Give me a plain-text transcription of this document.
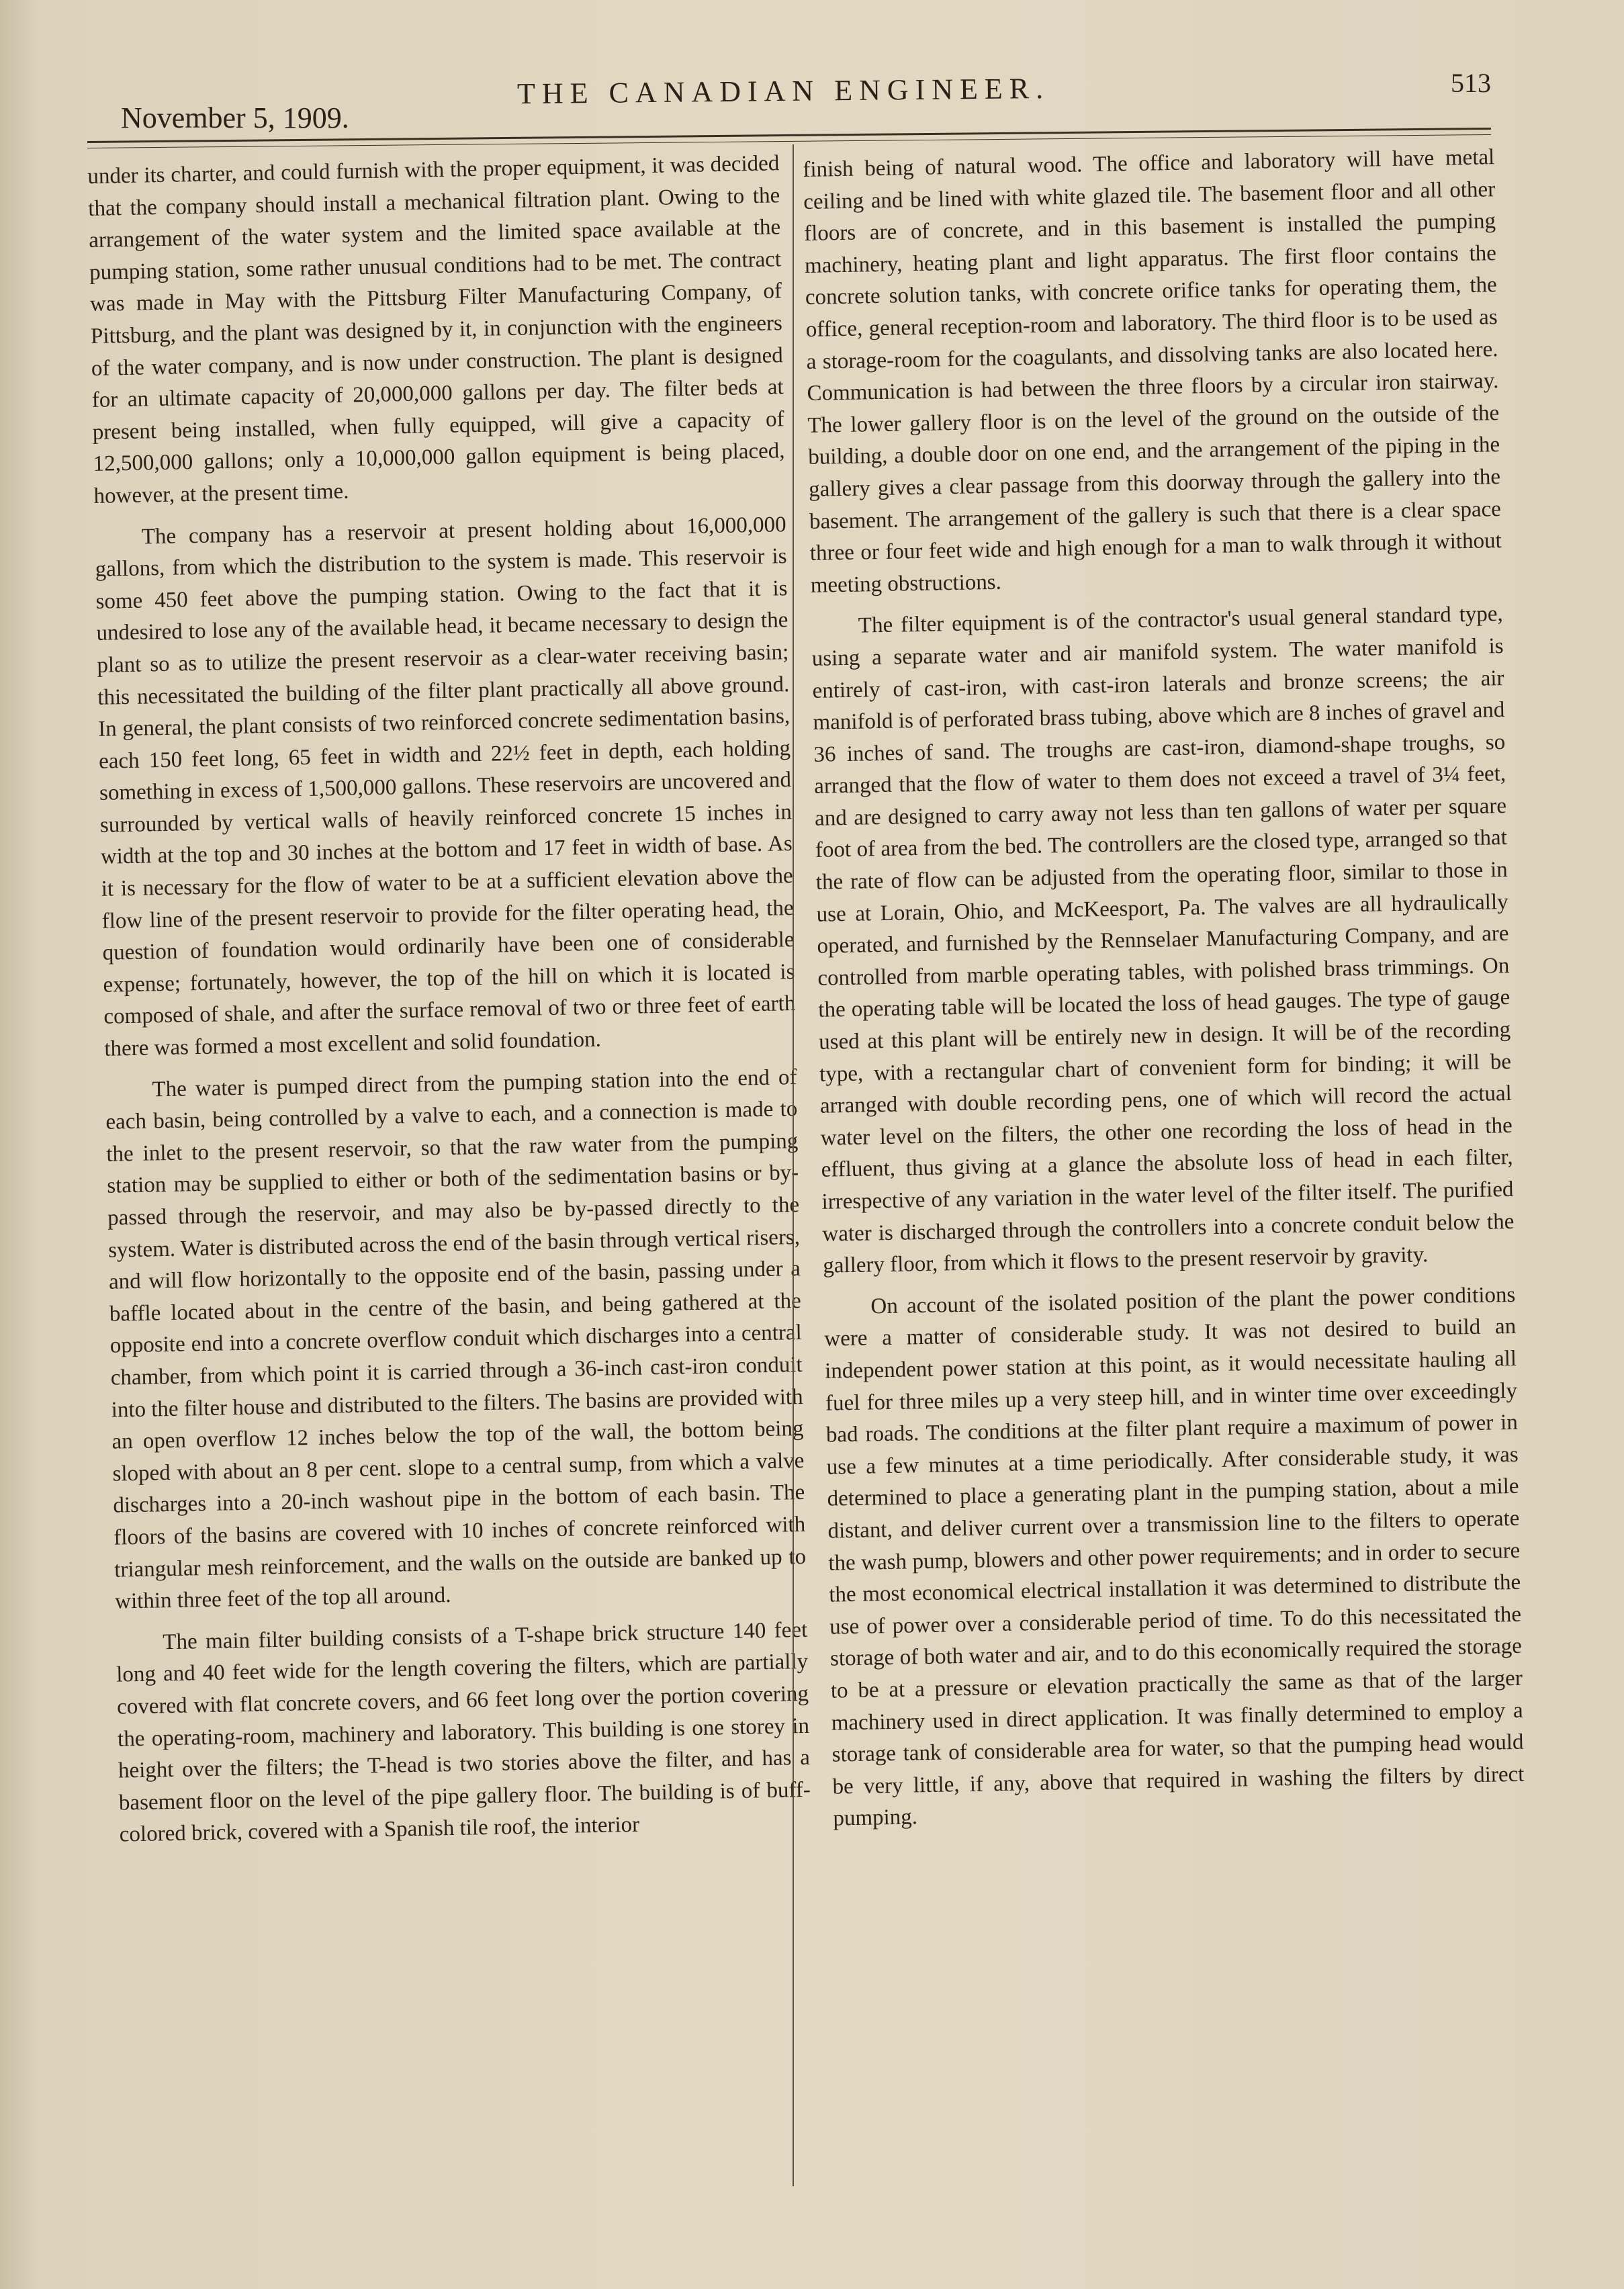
November 5, 1909.
THE CANADIAN ENGINEER.	513

under its charter, and could furnish with the proper equipment, it was decided that the company should install a mechanical filtration plant. Owing to the arrangement of the water system and the limited space available at the pumping station, some rather unusual conditions had to be met. The contract was made in May with the Pittsburg Filter Manufacturing Company, of Pittsburg, and the plant was designed by it, in conjunction with the engineers of the water company, and is now under construction. The plant is designed for an ultimate capacity of 20,000,000 gallons per day. The filter beds at present being installed, when fully equipped, will give a capacity of 12,500,000 gallons; only a 10,000,000 gallon equipment is being placed, however, at the present time.

The company has a reservoir at present holding about 16,000,000 gallons, from which the distribution to the system is made. This reservoir is some 450 feet above the pumping station. Owing to the fact that it is undesired to lose any of the available head, it became necessary to design the plant so as to utilize the present reservoir as a clear-water receiving basin; this necessitated the building of the filter plant practically all above ground. In general, the plant consists of two reinforced concrete sedimentation basins, each 150 feet long, 65 feet in width and 22½ feet in depth, each holding something in excess of 1,500,000 gallons. These reservoirs are uncovered and surrounded by vertical walls of heavily reinforced concrete 15 inches in width at the top and 30 inches at the bottom and 17 feet in width of base. As it is necessary for the flow of water to be at a sufficient elevation above the flow line of the present reservoir to provide for the filter operating head, the question of foundation would ordinarily have been one of considerable expense; fortunately, however, the top of the hill on which it is located is composed of shale, and after the surface removal of two or three feet of earth there was formed a most excellent and solid foundation.

The water is pumped direct from the pumping station into the end of each basin, being controlled by a valve to each, and a connection is made to the inlet to the present reservoir, so that the raw water from the pumping station may be supplied to either or both of the sedimentation basins or by-passed through the reservoir, and may also be by-passed directly to the system. Water is distributed across the end of the basin through vertical risers, and will flow horizontally to the opposite end of the basin, passing under a baffle located about in the centre of the basin, and being gathered at the opposite end into a concrete overflow conduit which discharges into a central chamber, from which point it is carried through a 36-inch cast-iron conduit into the filter house and distributed to the filters. The basins are provided with an open overflow 12 inches below the top of the wall, the bottom being sloped with about an 8 per cent. slope to a central sump, from which a valve discharges into a 20-inch washout pipe in the bottom of each basin. The floors of the basins are covered with 10 inches of concrete reinforced with triangular mesh reinforcement, and the walls on the outside are banked up to within three feet of the top all around.

The main filter building consists of a T-shape brick structure 140 feet long and 40 feet wide for the length covering the filters, which are partially covered with flat concrete covers, and 66 feet long over the portion covering the operating-room, machinery and laboratory. This building is one storey in height over the filters; the T-head is two stories above the filter, and has a basement floor on the level of the pipe gallery floor. The building is of buff-colored brick, covered with a Spanish tile roof, the interior

finish being of natural wood. The office and laboratory will have metal ceiling and be lined with white glazed tile. The basement floor and all other floors are of concrete, and in this basement is installed the pumping machinery, heating plant and light apparatus. The first floor contains the concrete solution tanks, with concrete orifice tanks for operating them, the office, general reception-room and laboratory. The third floor is to be used as a storage-room for the coagulants, and dissolving tanks are also located here. Communication is had between the three floors by a circular iron stairway. The lower gallery floor is on the level of the ground on the outside of the building, a double door on one end, and the arrangement of the piping in the gallery gives a clear passage from this doorway through the gallery into the basement. The arrangement of the gallery is such that there is a clear space three or four feet wide and high enough for a man to walk through it without meeting obstructions.

The filter equipment is of the contractor's usual general standard type, using a separate water and air manifold system. The water manifold is entirely of cast-iron, with cast-iron laterals and bronze screens; the air manifold is of perforated brass tubing, above which are 8 inches of gravel and 36 inches of sand. The troughs are cast-iron, diamond-shape troughs, so arranged that the flow of water to them does not exceed a travel of 3¼ feet, and are designed to carry away not less than ten gallons of water per square foot of area from the bed. The controllers are the closed type, arranged so that the rate of flow can be adjusted from the operating floor, similar to those in use at Lorain, Ohio, and McKeesport, Pa. The valves are all hydraulically operated, and furnished by the Rennselaer Manufacturing Company, and are controlled from marble operating tables, with polished brass trimmings. On the operating table will be located the loss of head gauges. The type of gauge used at this plant will be entirely new in design. It will be of the recording type, with a rectangular chart of convenient form for binding; it will be arranged with double recording pens, one of which will record the actual water level on the filters, the other one recording the loss of head in the effluent, thus giving at a glance the absolute loss of head in each filter, irrespective of any variation in the water level of the filter itself. The purified water is discharged through the controllers into a concrete conduit below the gallery floor, from which it flows to the present reservoir by gravity.

On account of the isolated position of the plant the power conditions were a matter of considerable study. It was not desired to build an independent power station at this point, as it would necessitate hauling all fuel for three miles up a very steep hill, and in winter time over exceedingly bad roads. The conditions at the filter plant require a maximum of power in use a few minutes at a time periodically. After considerable study, it was determined to place a generating plant in the pumping station, about a mile distant, and deliver current over a transmission line to the filters to operate the wash pump, blowers and other power requirements; and in order to secure the most economical electrical installation it was determined to distribute the use of power over a considerable period of time. To do this necessitated the storage of both water and air, and to do this economically required the storage to be at a pressure or elevation practically the same as that of the larger machinery used in direct application. It was finally determined to employ a storage tank of considerable area for water, so that the pumping head would be very little, if any, above that required in washing the filters by direct pumping.
